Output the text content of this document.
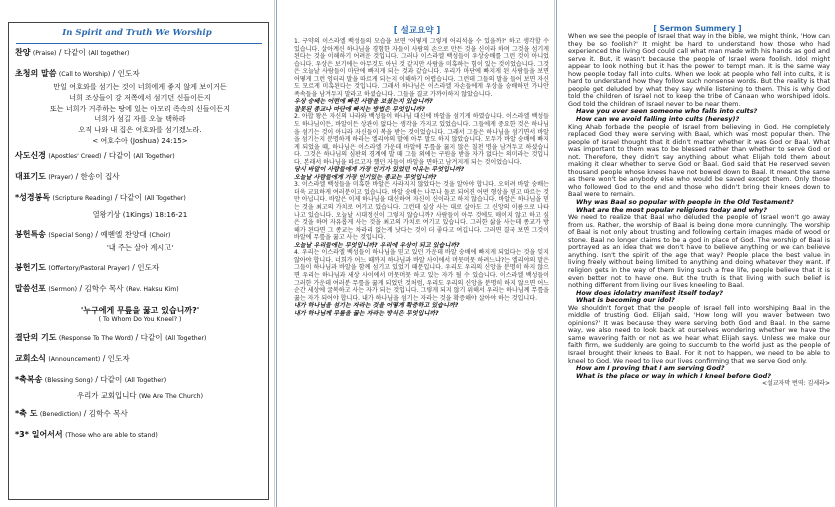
In Spirit and Truth We Worship
찬양 (Praise) / 다같이 (All together)
초청의 말씀 (Call to Worship) / 인도자
만일 여호와를 섬기는 것이 너희에게 좋지 않게 보이거든
너희 조상들이 강 저쪽에서 섬기던 신들이든지
또는 너희가 거주하는 땅에 있는 아모리 족속의 신들이든지
너희가 섬길 자를 오늘 택하라
오직 나와 내 집은 여호와를 섬기겠노라.
< 여호수아 (Joshua) 24:15>
사도신경 (Apostles' Creed) / 다같이 (All Together)
대표기도 (Prayer) / 한송이 집사
*성경봉독 (Scripture Reading) / 다같이 (All Together)
열왕기상 (1Kings) 18:16-21
봉헌특송 (Special Song) / 예벧엘 찬양대 (Choir)
'내 주는 살아 계시고'
봉헌기도 (Offertory/Pastoral Prayer) / 인도자
말씀선포 (Sermon) / 김학수 목사 (Rev. Haksu Kim)
'누구에게 무릎을 꿇고 있습니까?'
( To Whom Do You Kneel? )
결단의 기도 (Response To The Word) / 다같이 (All Together)
교회소식 (Announcement) / 인도자
*축복송 (Blessing Song) / 다같이 (All Together)
우리가 교회입니다 (We Are The Church)
*축 도 (Benediction) / 김학수 목사
*3* 일어서서 (Those who are able to stand)
[ 설교요약 ]
1. 구약의 이스라엘 백성들의 모습을 보면 '어떻게 그렇게 어리석을 수 있을까?' 하고 생각할 수 있습니다. 살아계신 하나님을 경험한 자들이 사람의 손으로 만든 것을 신이라 하며 그것을 섬기게 된다는 것을 이해하기 어려운 것입니다. 그러나 이스라엘 백성들이 우상숭배를 그런 것이 아니었습니다. 우상은 보기에는 아무것도 아닌 것 같지만 사람을 미혹하는 힘이 있는 것이었습니다. 그것은 오늘날 사람들이 마단에 빠지게 되는 것과 같습니다. 우리가 마단에 빠지게 된 사람들을 보면 어떻게 그런 엉터리 말을 따르게 되는지 이해하기 어렵습니다. 그런데 그들의 말을 들어 보면 자신도 모르게 미혹된다는 것입니다. 그래서 하나님은 이스라엘 자손들에게 우상을 숭배하던 가나안 족속들을 남겨두지 말라고 하셨습니다. 그들을 결코 가까이하지 않았습니다.
우상 숭배는 어떤에 빠진 사람을 보셨는지 있습니까?
잘못된 종교나 마단에 빠지는 방법은 무엇입니까?
2. 아합 왕은 자신의 나라와 백성들이 하나님 대신에 바알을 섬기게 하였습니다. 이스라엘 백성들도 하나님이든, 바알이든 상관이 없다는 생각을 가지고 있었습니다. 그들에게 중요한 것은 하나님을 섬기는 것이 아니라 자신들이 복을 받는 것이었습니다. 그래서 그들은 하나님을 섬기면서 바알을 섬기는지 분명하게 하라는 엘리야의 말에 아무 말도 하지 않았습니다. 모두가 바알 숭배에 빠지게 되었을 때, 하나님은 이스라엘 가운데 바알에 무릎을 꿇지 않은 칠천 명을 남겨두고 하셨습니다. 그것은 하나님의 심판의 경계에 발 때 그들 외에는 구원을 받을 자가 없다는 의미라는 것입니다. 본래서 하나님을 따르고자 했던 자들이 바알을 면하고 남겨지게 되는 것이었습니다.
당시 바알이 사람들에게 가장 인기가 있었던 이유는 무엇입니까?
오늘날 사람들에게 가장 인기있는 종교는 무엇입니까?
3. 이스라엘 백성들을 미혹한 바알은 사라지지 않았다는 것을 알아야 합니다. 오히려 바알 숭배는 더욱 교묘하게 여러분이고 있습니다. 바알 숭배는 나무나 돌로 되어진 어떤 형상을 믿고 따르는 것만 아닙니다. 바알은 이제 하나님을 대신하여 자신이 신이라고 하지 않습니다. 바알은 하나님을 믿는 것을 최고의 가치로 여기고 있습니다. 그런데 실상 사는 대로 살아도 그 신앙의 이름으로 나타나고 있습니다. 오늘날 시대정신이 그렇지 않습니까? 사람들이 아무 것에도 매이지 않고 하고 싶은 것을 하며 자유롭게 사는 것을 최고의 가치로 여기고 있습니다. 그러한 삶을 사는데 종교가 방해가 된다면 그 종교는 차라리 없는게 낫다는 것이 더 좋다고 여깁니다. 그러면 결국 보면 그것이 바알에 무릎을 꿇고 사는 것입니다.
오늘날 우리들에는 무엇입니까? 우리에 우상이 되고 있습니까?
4. 우리는 이스라엘 백성들이 하나님을 믿고 있던 가운데 바알 숭배에 빠지게 되었다는 것을 잊지 않아야 합니다. 너희가 어느 때까지 하나님과 바알 사이에서 머뭇머뭇 하려느냐?는 엘리야의 말은 그들이 하나님과 바알을 함께 섬기고 있었기 때문입니다. 우리도 우리의 신앙을 분명히 하지 않으면 우리는 하나님과 세상 사이에서 머뭇머뭇 하고 있는 자가 될 수 있습니다. 이스라엘 백성들이 그러한 가운데 여러분 무릎을 꿇게 되었던 것처럼, 우리도 우리의 신앙을 분명히 하지 않으면 어느 순간 세상에 굴복하고 사는 자가 되는 것입니다. 그렇게 되지 않기 위해서 우리는 하나님께 무릎을 꿇는 자가 되어야 합니다. 내가 하나님을 섬기는 자라는 것을 확증해야 살아야 하는 것입니다.
내가 하나님을 섬기는 자라는 것을 어떻게 확증하고 있습니까?
내가 하나님께 무릎을 꿇는 자라는 방식은 무엇입니까?
[ Sermon Summery ]
When we see the people of Israel that way in the bible, we might think, 'How can they be so foolish?' It might be hard to understand how those who had experienced the living God could call what man made with his hands as god and serve it. But, it wasn't because the people of Israel were foolish. Idol might appear to look nothing but it has the power to tempt man. It is the same way how people today fall into cults. When we look at people who fell into cults, it is hard to understand how they follow such nonsense words. But the reality is that people get deluded by what they say while listening to them. This is why God told the children of Israel not to keep the tribe of Canaan who worshiped idols. God told the children of Israel never to be near them.
Have you ever seen someone who falls into cults?
How can we avoid falling into cults (heresy)?
King Ahab forbade the people of Israel from believing in God. He completely replaced God they were serving with Baal, which was most popular then. The people of Israel thought that it didn't matter whether it was God or Baal. What was important to them was to be blessed rather than whether to serve God or not. Therefore, they didn't say anything about what Elijah told them about making it clear whether to serve God or Baal. God said that He reserved seven thousand people whose knees have not bowed down to Baal. It meant the same as there won't be anybody else who would be saved except them. Only those who followed God to the end and those who didn't bring their knees down to Baal were to remain.
Why was Baal so popular with people in the Old Testament?
What are the most popular religions today and why?
We need to realize that Baal who deluded the people of Israel won't go away from us. Rather, the worship of Baal is being done more cunningly. The worship of Baal is not only about trusting and following certain images made of wood or stone. Baal no longer claims to be a god in place of God. The worship of Baal is portrayed as an idea that we don't have to believe anything or we can believe anything. Isn't the spirit of the age that way? People place the best value in living freely without being limited to anything and doing whatever they want. If religion gets in the way of them living such a free life, people believe that it is even better not to have one. But the truth is that living with such belief is nothing different from living our lives kneeling to Baal.
How does idolatry manifest itself today?
What is becoming our idol?
We shouldn't forget that the people of Israel fell into worshiping Baal in the middle of trusting God. Elijah said, 'How long will you waver between two opinions?' It was because they were serving both God and Baal. In the same way, we also need to look back at ourselves wondering whether we have the same wavering faith or not as we hear what Elijah says. Unless we make our faith firm, we suddenly are going to succumb to the world just as the people of Israel brought their knees to Baal. For it not to happen, we need to be able to kneel to God. We need to live our lives confirming that we serve God only.
How am I proving that I am serving God?
What is the place or way in which I kneel before God?
<설교자막 번역: 김세라>
